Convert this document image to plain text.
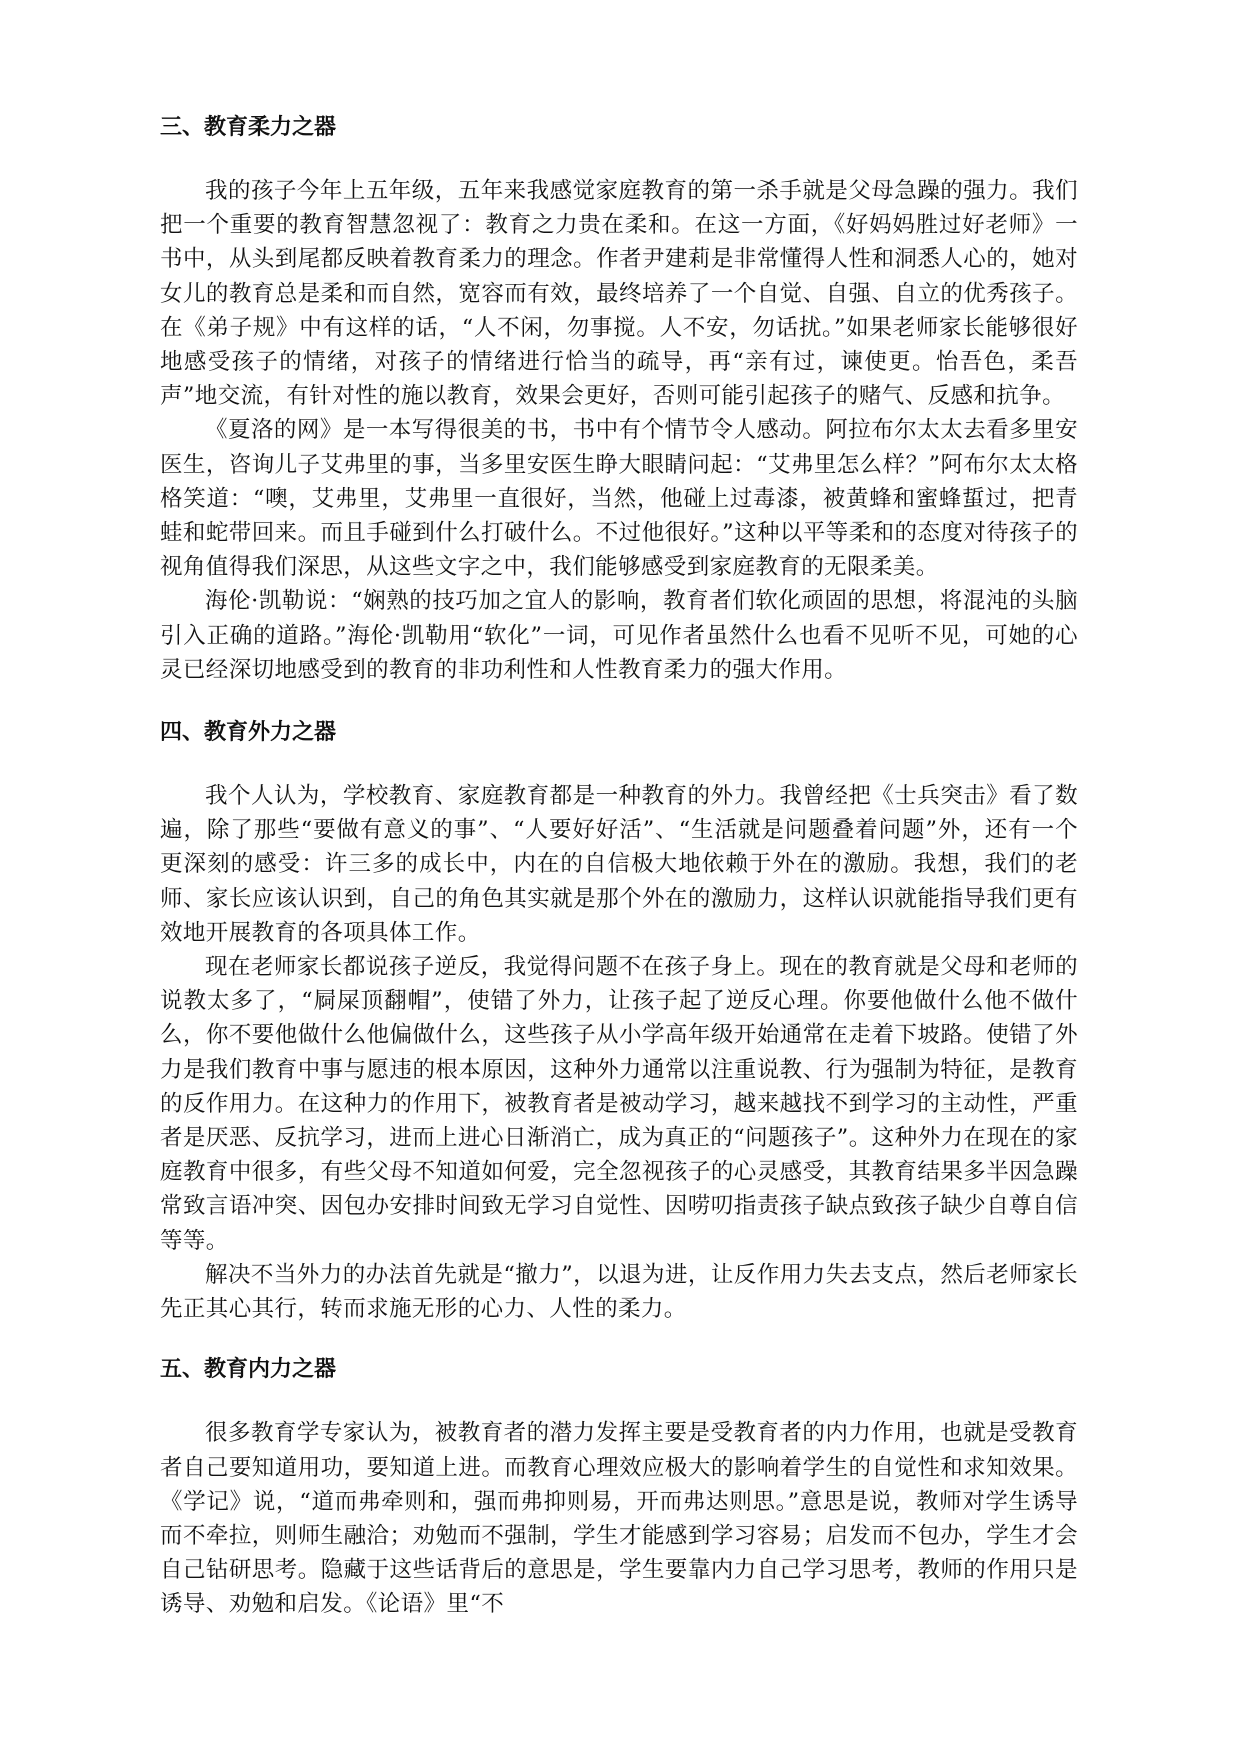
三、教育柔力之器

我的孩子今年上五年级，五年来我感觉家庭教育的第一杀手就是父母急躁的强力。我们把一个重要的教育智慧忽视了：教育之力贵在柔和。在这一方面，《好妈妈胜过好老师》一书中，从头到尾都反映着教育柔力的理念。作者尹建莉是非常懂得人性和洞悉人心的，她对女儿的教育总是柔和而自然，宽容而有效，最终培养了一个自觉、自强、自立的优秀孩子。在《弟子规》中有这样的话，“人不闲，勿事搅。人不安，勿话扰。”如果老师家长能够很好地感受孩子的情绪，对孩子的情绪进行恰当的疏导，再“亲有过，谏使更。怡吾色，柔吾声”地交流，有针对性的施以教育，效果会更好，否则可能引起孩子的赌气、反感和抗争。

《夏洛的网》是一本写得很美的书，书中有个情节令人感动。阿拉布尔太太去看多里安医生，咨询儿子艾弗里的事，当多里安医生睁大眼睛问起：“艾弗里怎么样？”阿布尔太太格格笑道：“噢，艾弗里，艾弗里一直很好，当然，他碰上过毒漆，被黄蜂和蜜蜂蜇过，把青蛙和蛇带回来。而且手碰到什么打破什么。不过他很好。”这种以平等柔和的态度对待孩子的视角值得我们深思，从这些文字之中，我们能够感受到家庭教育的无限柔美。

海伦·凯勒说：“娴熟的技巧加之宜人的影响，教育者们软化顽固的思想，将混沌的头脑引入正确的道路。”海伦·凯勒用“软化”一词，可见作者虽然什么也看不见听不见，可她的心灵已经深切地感受到的教育的非功利性和人性教育柔力的强大作用。

四、教育外力之器

我个人认为，学校教育、家庭教育都是一种教育的外力。我曾经把《士兵突击》看了数遍，除了那些“要做有意义的事”、“人要好好活”、“生活就是问题叠着问题”外，还有一个更深刻的感受：许三多的成长中，内在的自信极大地依赖于外在的激励。我想，我们的老师、家长应该认识到，自己的角色其实就是那个外在的激励力，这样认识就能指导我们更有效地开展教育的各项具体工作。

现在老师家长都说孩子逆反，我觉得问题不在孩子身上。现在的教育就是父母和老师的说教太多了，“屙屎顶翻帽”，使错了外力，让孩子起了逆反心理。你要他做什么他不做什么，你不要他做什么他偏做什么，这些孩子从小学高年级开始通常在走着下坡路。使错了外力是我们教育中事与愿违的根本原因，这种外力通常以注重说教、行为强制为特征，是教育的反作用力。在这种力的作用下，被教育者是被动学习，越来越找不到学习的主动性，严重者是厌恶、反抗学习，进而上进心日渐消亡，成为真正的“问题孩子”。这种外力在现在的家庭教育中很多，有些父母不知道如何爱，完全忽视孩子的心灵感受，其教育结果多半因急躁常致言语冲突、因包办安排时间致无学习自觉性、因唠叨指责孩子缺点致孩子缺少自尊自信等等。

解决不当外力的办法首先就是“撤力”，以退为进，让反作用力失去支点，然后老师家长先正其心其行，转而求施无形的心力、人性的柔力。

五、教育内力之器

很多教育学专家认为，被教育者的潜力发挥主要是受教育者的内力作用，也就是受教育者自己要知道用功，要知道上进。而教育心理效应极大的影响着学生的自觉性和求知效果。《学记》说，“道而弗牵则和，强而弗抑则易，开而弗达则思。”意思是说，教师对学生诱导而不牵拉，则师生融洽；劝勉而不强制，学生才能感到学习容易；启发而不包办，学生才会自己钻研思考。隐藏于这些话背后的意思是，学生要靠内力自己学习思考，教师的作用只是诱导、劝勉和启发。《论语》里“不
